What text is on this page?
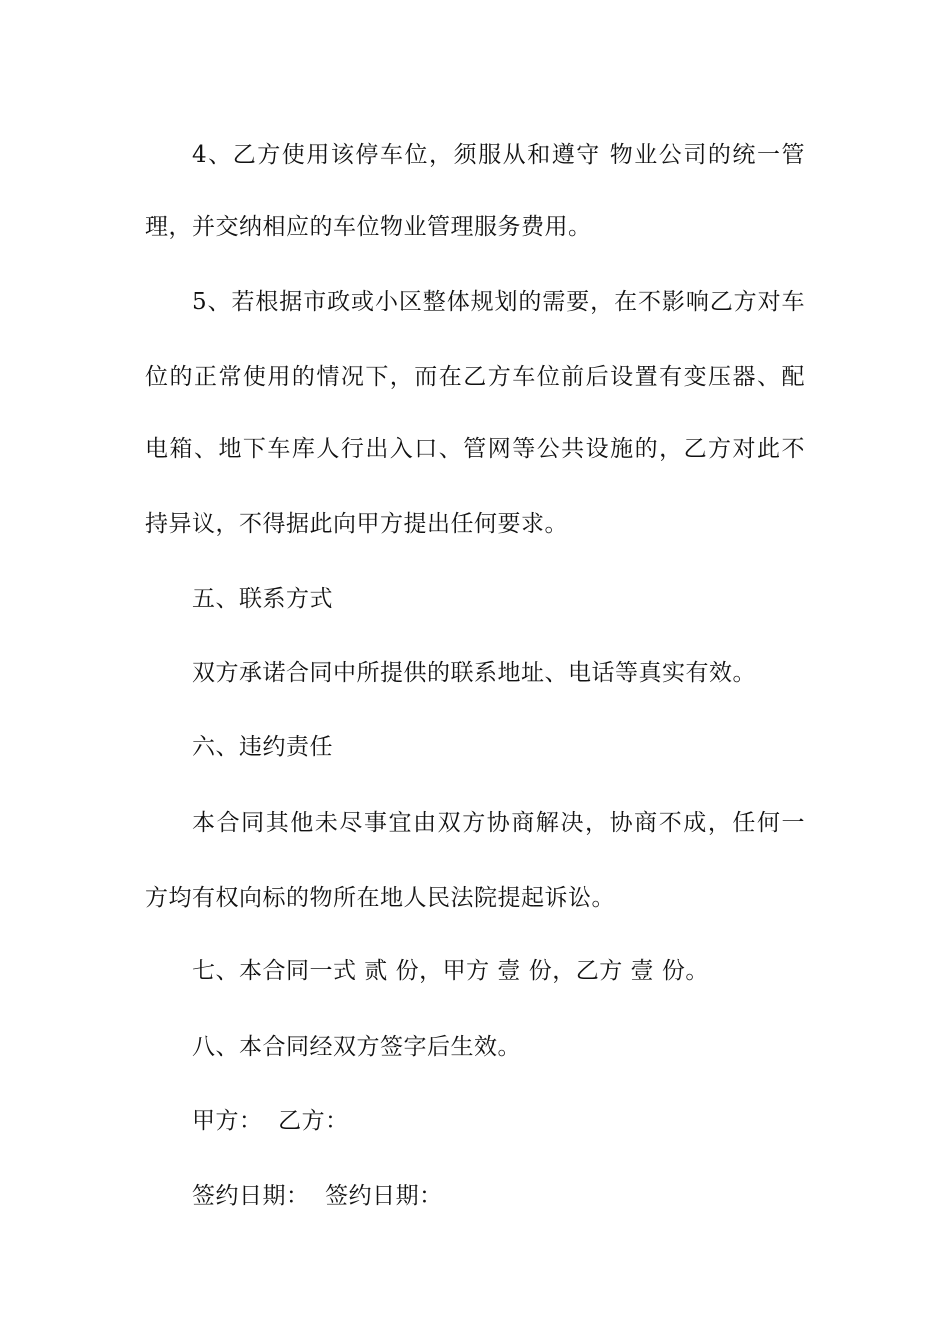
4、乙方使用该停车位，须服从和遵守 物业公司的统一管
理，并交纳相应的车位物业管理服务费用。
5、若根据市政或小区整体规划的需要，在不影响乙方对车
位的正常使用的情况下，而在乙方车位前后设置有变压器、配
电箱、地下车库人行出入口、管网等公共设施的，乙方对此不
持异议，不得据此向甲方提出任何要求。
五、联系方式
双方承诺合同中所提供的联系地址、电话等真实有效。
六、违约责任
本合同其他未尽事宜由双方协商解决，协商不成，任何一
方均有权向标的物所在地人民法院提起诉讼。
七、本合同一式 贰 份，甲方 壹 份，乙方 壹 份。
八、本合同经双方签字后生效。
甲方：  乙方：
签约日期：  签约日期：
